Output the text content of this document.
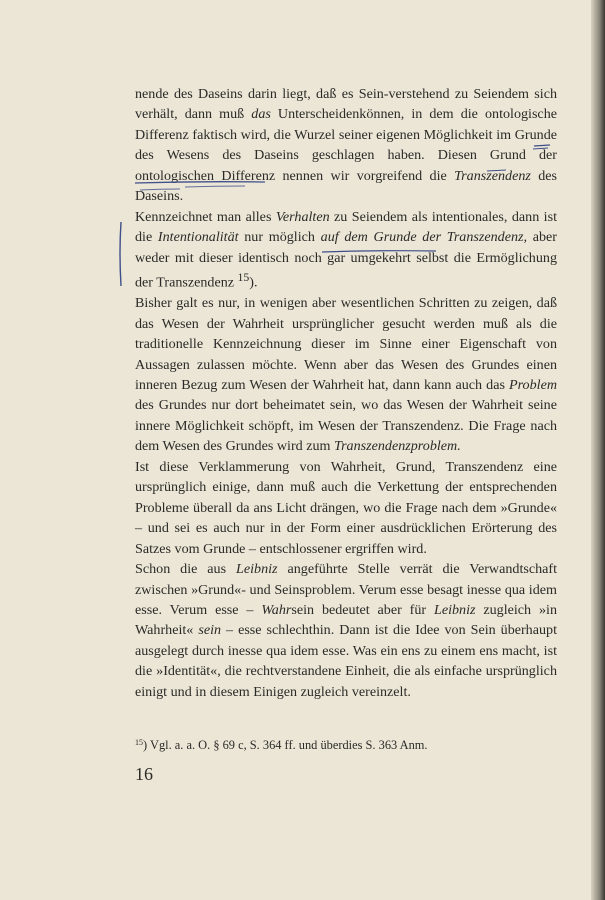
nende des Daseins darin liegt, daß es Sein-verstehend zu Seiendem sich verhält, dann muß das Unterscheidenkönnen, in dem die ontologische Differenz faktisch wird, die Wurzel seiner eigenen Möglichkeit im Grunde des Wesens des Daseins geschlagen haben. Diesen Grund der ontologischen Differenz nennen wir vorgreifend die Transzendenz des Daseins.

Kennzeichnet man alles Verhalten zu Seiendem als intentionales, dann ist die Intentionalität nur möglich auf dem Grunde der Transzendenz, aber weder mit dieser identisch noch gar umgekehrt selbst die Ermöglichung der Transzendenz $^{15}$).

Bisher galt es nur, in wenigen aber wesentlichen Schritten zu zeigen, daß das Wesen der Wahrheit ursprünglicher gesucht werden muß als die traditionelle Kennzeichnung dieser im Sinne einer Eigenschaft von Aussagen zulassen möchte. Wenn aber das Wesen des Grundes einen inneren Bezug zum Wesen der Wahrheit hat, dann kann auch das Problem des Grundes nur dort beheimatet sein, wo das Wesen der Wahrheit seine innere Möglichkeit schöpft, im Wesen der Transzendenz. Die Frage nach dem Wesen des Grundes wird zum Transzendenzproblem.

Ist diese Verklammerung von Wahrheit, Grund, Transzendenz eine ursprünglich einige, dann muß auch die Verkettung der entsprechenden Probleme überall da ans Licht drängen, wo die Frage nach dem »Grunde« – und sei es auch nur in der Form einer ausdrücklichen Erörterung des Satzes vom Grunde – entschlossener ergriffen wird.

Schon die aus Leibniz angeführte Stelle verrät die Verwandtschaft zwischen »Grund«- und Seinsproblem. Verum esse besagt inesse qua idem esse. Verum esse – Wahrsein bedeutet aber für Leibniz zugleich »in Wahrheit« sein – esse schlechthin. Dann ist die Idee von Sein überhaupt ausgelegt durch inesse qua idem esse. Was ein ens zu einem ens macht, ist die »Identität«, die rechtverstandene Einheit, die als einfache ursprünglich einigt und in diesem Einigen zugleich vereinzelt.

$^{15}$) Vgl. a. a. O. § 69 c, S. 364 ff. und überdies S. 363 Anm.
16
